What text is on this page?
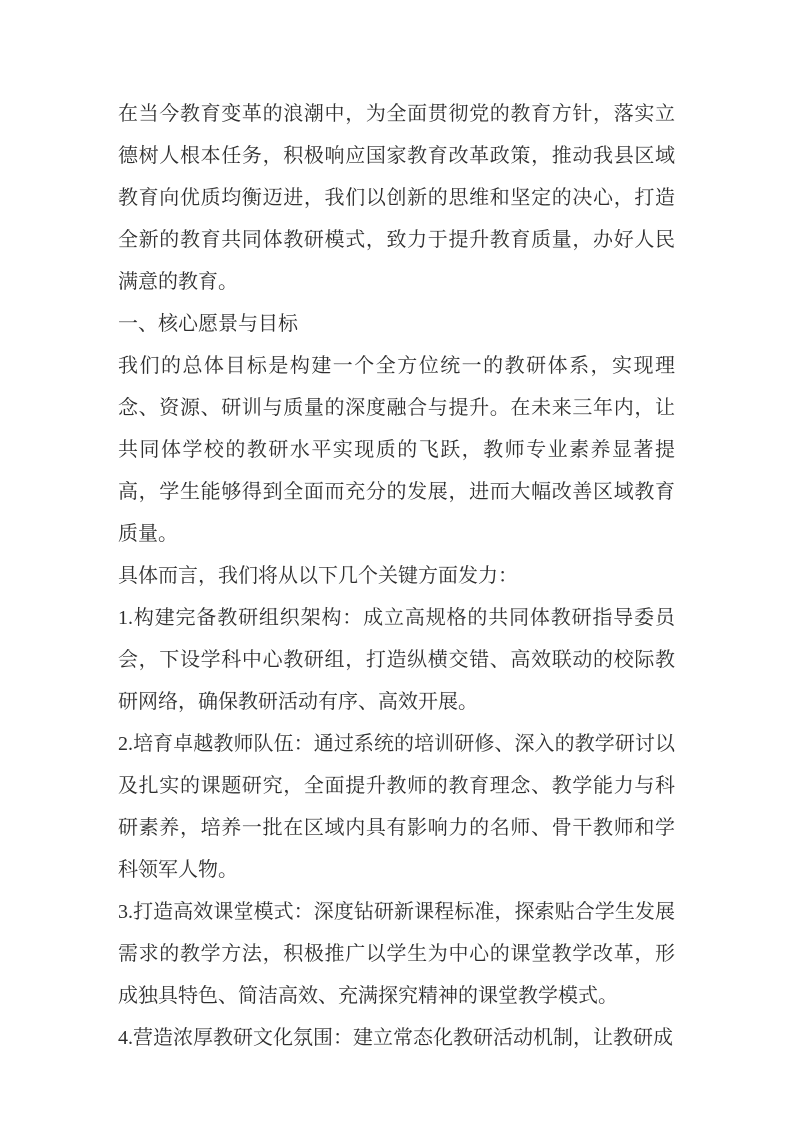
在当今教育变革的浪潮中，为全面贯彻党的教育方针，落实立德树人根本任务，积极响应国家教育改革政策，推动我县区域教育向优质均衡迈进，我们以创新的思维和坚定的决心，打造全新的教育共同体教研模式，致力于提升教育质量，办好人民满意的教育。

一、核心愿景与目标

我们的总体目标是构建一个全方位统一的教研体系，实现理念、资源、研训与质量的深度融合与提升。在未来三年内，让共同体学校的教研水平实现质的飞跃，教师专业素养显著提高，学生能够得到全面而充分的发展，进而大幅改善区域教育质量。

具体而言，我们将从以下几个关键方面发力：

1.构建完备教研组织架构：成立高规格的共同体教研指导委员会，下设学科中心教研组，打造纵横交错、高效联动的校际教研网络，确保教研活动有序、高效开展。

2.培育卓越教师队伍：通过系统的培训研修、深入的教学研讨以及扎实的课题研究，全面提升教师的教育理念、教学能力与科研素养，培养一批在区域内具有影响力的名师、骨干教师和学科领军人物。

3.打造高效课堂模式：深度钻研新课程标准，探索贴合学生发展需求的教学方法，积极推广以学生为中心的课堂教学改革，形成独具特色、简洁高效、充满探究精神的课堂教学模式。

4.营造浓厚教研文化氛围：建立常态化教研活动机制，让教研成
